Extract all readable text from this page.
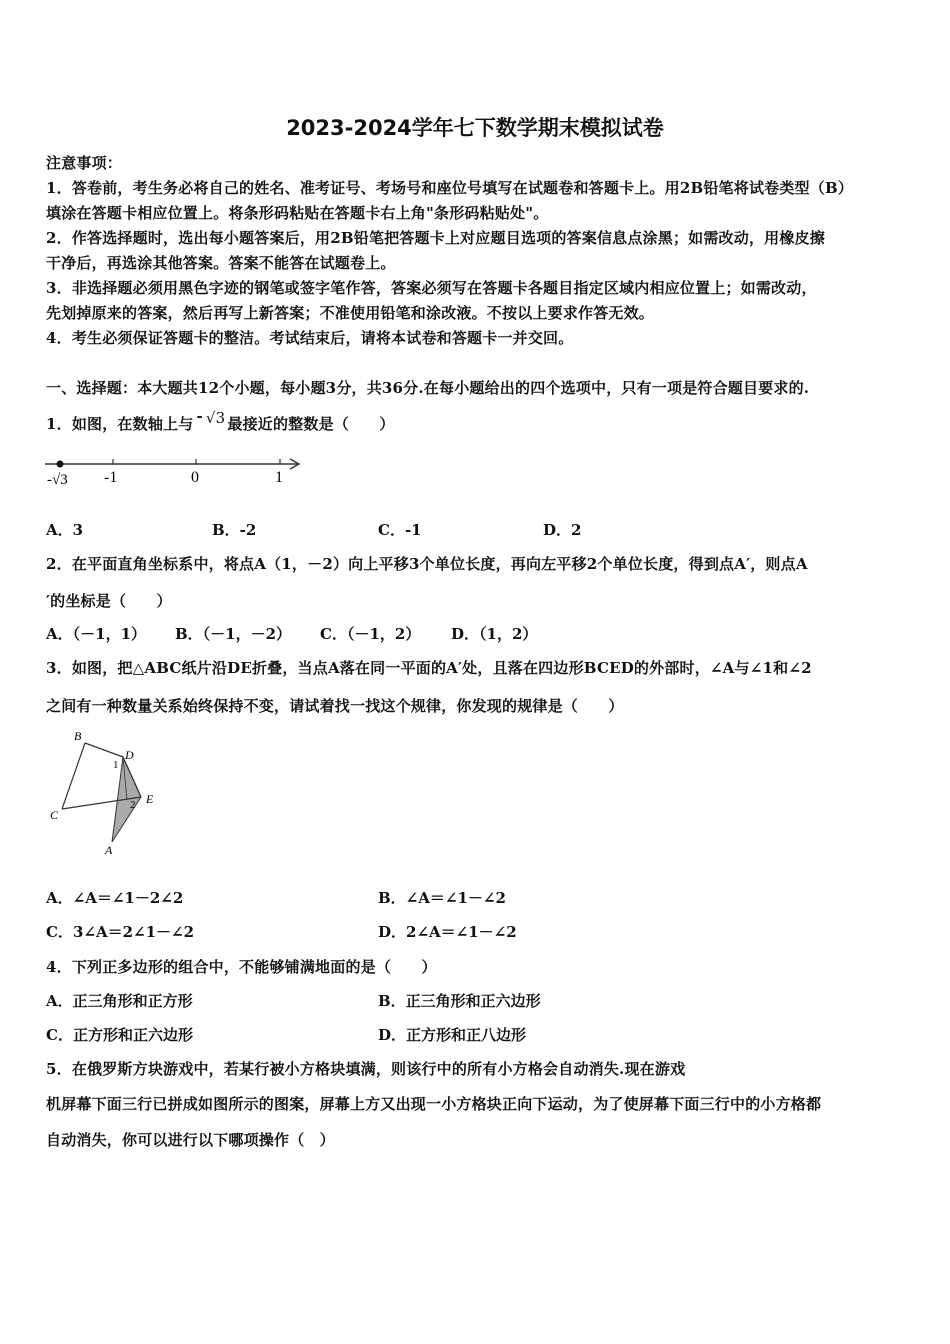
2023-2024学年七下数学期末模拟试卷
注意事项：
1．答卷前，考生务必将自己的姓名、准考证号、考场号和座位号填写在试题卷和答题卡上。用2B铅笔将试卷类型（B）
填涂在答题卡相应位置上。将条形码粘贴在答题卡右上角"条形码粘贴处"。
2．作答选择题时，选出每小题答案后，用2B铅笔把答题卡上对应题目选项的答案信息点涂黑；如需改动，用橡皮擦
干净后，再选涂其他答案。答案不能答在试题卷上。
3．非选择题必须用黑色字迹的钢笔或签字笔作答，答案必须写在答题卡各题目指定区域内相应位置上；如需改动，
先划掉原来的答案，然后再写上新答案；不准使用铅笔和涂改液。不按以上要求作答无效。
4．考生必须保证答题卡的整洁。考试结束后，请将本试卷和答题卡一并交回。
一、选择题：本大题共12个小题，每小题3分，共36分.在每小题给出的四个选项中，只有一项是符合题目要求的.
1．如图，在数轴上与 - √3 最接近的整数是（　　）
-√3 -1	0	1
A．3	B．-2	C．-1	D．2
2．在平面直角坐标系中，将点A（1，－2）向上平移3个单位长度，再向左平移2个单位长度，得到点A′，则点A
′的坐标是（　　）
A．（－1，1） B．（－1，－2） C．（－1，2） D．（1，2）
3．如图，把△ABC纸片沿DE折叠，当点A落在同一平面的A′处，且落在四边形BCED的外部时，∠A与∠1和∠2
之间有一种数量关系始终保持不变，请试着找一找这个规律，你发现的规律是（　　）
B
D
1
2 E
C
A
A．∠A＝∠1－2∠2	B．∠A＝∠1－∠2
C．3∠A＝2∠1－∠2	D．2∠A＝∠1－∠2
4．下列正多边形的组合中，不能够铺满地面的是（　　）
A．正三角形和正方形	B．正三角形和正六边形
C．正方形和正六边形	D．正方形和正八边形
5．在俄罗斯方块游戏中，若某行被小方格块填满，则该行中的所有小方格会自动消失.现在游戏
机屏幕下面三行已拼成如图所示的图案，屏幕上方又出现一小方格块正向下运动，为了使屏幕下面三行中的小方格都
自动消失，你可以进行以下哪项操作（　）
